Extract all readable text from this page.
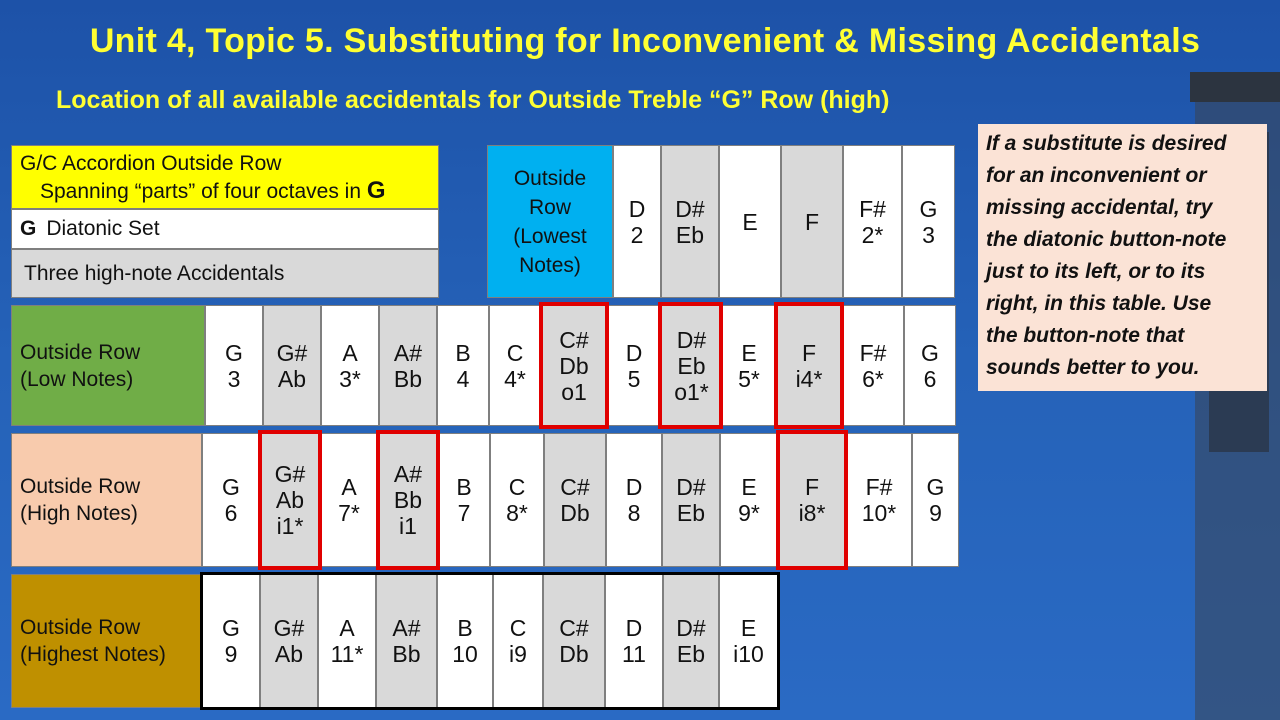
Unit 4, Topic 5. Substituting for Inconvenient & Missing Accidentals
Location of all available accidentals for Outside Treble “G” Row (high)
G/C Accordion Outside Row
Spanning “parts” of four octaves in G
G Diatonic Set
Three high-note Accidentals
Outside
Row
(Lowest
Notes)
D
2
D#
Eb E F F#
2*
G
3
Outside Row
(Low Notes)
G
3
G#
Ab
A
3*
A#
Bb
B
4
C
4*
C#
Db
o1
D
5
D#
Eb
o1*
E
5*
F
i4*
F#
6*
G
6
Outside Row
(High Notes)
G
6
G#
Ab
i1*
A
7*
A#
Bb
i1
B
7
C
8*
C#
Db
D
8
D#
Eb
E
9*
F
i8*
F#
10*
G
9
Outside Row
(Highest Notes)
G
9
G#
Ab
A
11*
A#
Bb
B
10
C
i9
C#
Db
D
11
D#
Eb
E
i10

If a substitute is desired

for an inconvenient or

missing accidental, try

the diatonic button-note

just to its left, or to its

right, in this table. Use

the button-note that

sounds better to you.
